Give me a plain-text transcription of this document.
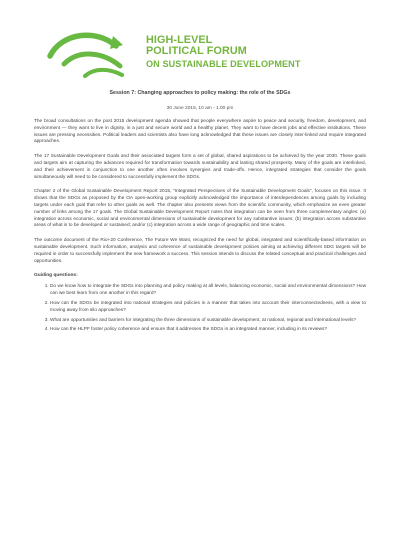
HIGH-LEVEL
POLITICAL FORUM
ON SUSTAINABLE DEVELOPMENT
Session 7: Changing approaches to policy making: the role of the SDGs
30 June 2015, 10 am - 1.00 pm

The broad consultations on the post 2015 development agenda showed that people everywhere aspire to peace and security, freedom, development, and environment — they want to live in dignity, in a just and secure world and a healthy planet. They want to have decent jobs and effective institutions. These issues are pressing necessities. Political leaders and scientists also have long acknowledged that these issues are closely inter-linked and require integrated approaches.

The 17 Sustainable Development Goals and their associated targets form a set of global, shared aspirations to be achieved by the year 2030. These goals and targets aim at capturing the advances required for transformation towards sustainability and lasting shared prosperity. Many of the goals are interlinked, and their achievement in conjunction to one another often involves synergies and trade-offs. Hence, integrated strategies that consider the goals simultaneously will need to be considered to successfully implement the SDGs.

Chapter 2 of the Global Sustainable Development Report 2015, “Integrated Perspectives of the Sustainable Development Goals”, focuses on this issue. It shows that the SDGs as proposed by the OA open-working group explicitly acknowledged the importance of interdependences among goals by including targets under each goal that refer to other goals as well. The chapter also presents views from the scientific community, which emphasize an even greater number of links among the 17 goals. The Global Sustainable Development Report notes that integration can be seen from three complementary angles: (a) integration across economic, social and environmental dimensions of sustainable development for any substantive issues; (b) integration across substantive areas of what is to be developed or sustained; and/or (c) integration across a wide range of geographic and time scales.

The outcome document of the Rio+20 Conference, The Future We Want, recognized the need for global, integrated and scientifically-based information on sustainable development. Such information, analysis and coherence of sustainable development policies aiming at achieving different SDG targets will be required in order to successfully implement the new framework a success. This session intends to discuss the related conceptual and practical challenges and opportunities.

Guiding questions:
1. Do we know how to integrate the SDGs into planning and policy making at all levels, balancing economic, social and environmental dimensions? How can we best learn from one another in this regard?
2. How can the SDGs be integrated into national strategies and policies in a manner that takes into account their interconnectedness, with a view to moving away from silo approaches?
3. What are opportunities and barriers for integrating the three dimensions of sustainable development, at national, regional and international levels?
4. How can the HLPF foster policy coherence and ensure that it addresses the SDGs in an integrated manner, including in its reviews?
